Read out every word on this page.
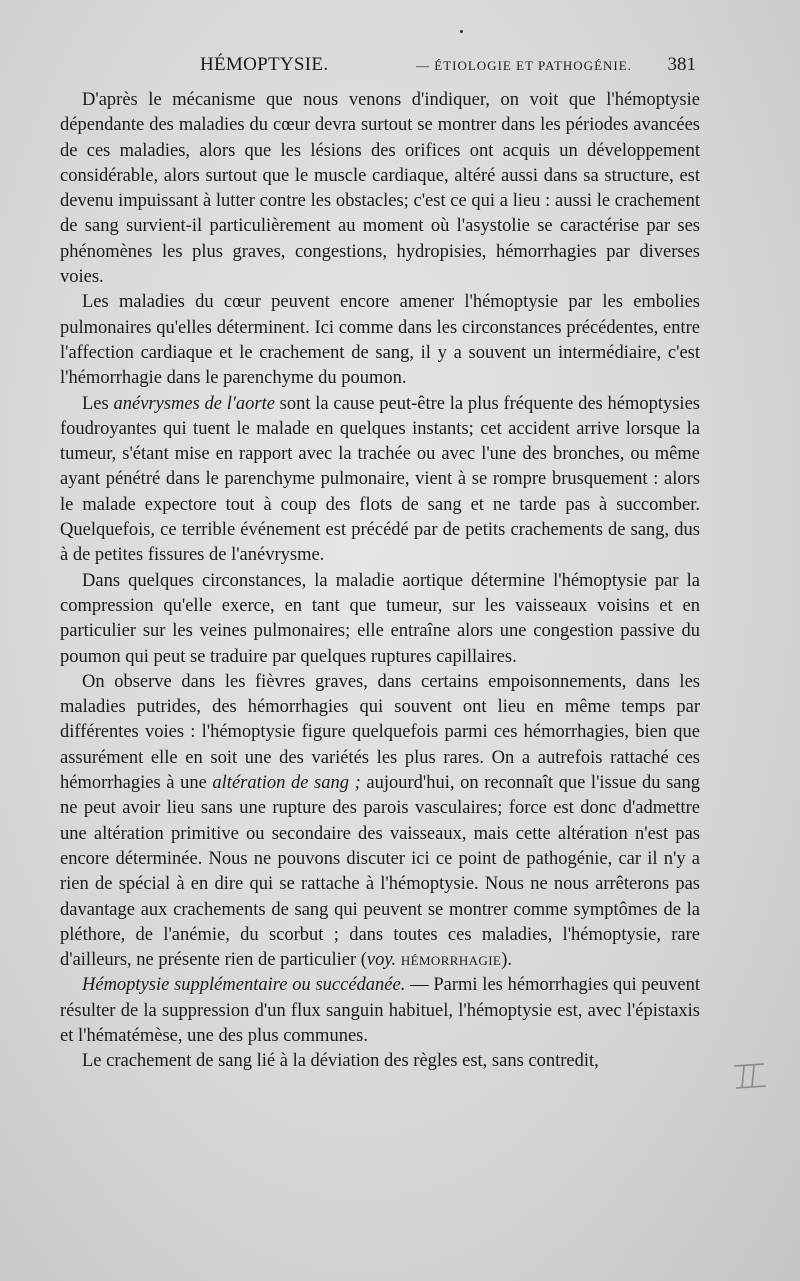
HÉMOPTYSIE.	— ÉTIOLOGIE ET PATHOGÉNIE. 381

D'après le mécanisme que nous venons d'indiquer, on voit que l'hémoptysie dépendante des maladies du cœur devra surtout se montrer dans les périodes avancées de ces maladies, alors que les lésions des orifices ont acquis un développement considérable, alors surtout que le muscle cardiaque, altéré aussi dans sa structure, est devenu impuissant à lutter contre les obstacles; c'est ce qui a lieu : aussi le crachement de sang survient-il particulièrement au moment où l'asystolie se caractérise par ses phénomènes les plus graves, congestions, hydropisies, hémorrhagies par diverses voies.

Les maladies du cœur peuvent encore amener l'hémoptysie par les embolies pulmonaires qu'elles déterminent. Ici comme dans les circonstances précédentes, entre l'affection cardiaque et le crachement de sang, il y a souvent un intermédiaire, c'est l'hémorrhagie dans le parenchyme du poumon.

Les anévrysmes de l'aorte sont la cause peut-être la plus fréquente des hémoptysies foudroyantes qui tuent le malade en quelques instants; cet accident arrive lorsque la tumeur, s'étant mise en rapport avec la trachée ou avec l'une des bronches, ou même ayant pénétré dans le parenchyme pulmonaire, vient à se rompre brusquement : alors le malade expectore tout à coup des flots de sang et ne tarde pas à succomber. Quelquefois, ce terrible événement est précédé par de petits crachements de sang, dus à de petites fissures de l'anévrysme.

Dans quelques circonstances, la maladie aortique détermine l'hémoptysie par la compression qu'elle exerce, en tant que tumeur, sur les vaisseaux voisins et en particulier sur les veines pulmonaires; elle entraîne alors une congestion passive du poumon qui peut se traduire par quelques ruptures capillaires.

On observe dans les fièvres graves, dans certains empoisonnements, dans les maladies putrides, des hémorrhagies qui souvent ont lieu en même temps par différentes voies : l'hémoptysie figure quelquefois parmi ces hémorrhagies, bien que assurément elle en soit une des variétés les plus rares. On a autrefois rattaché ces hémorrhagies à une altération de sang ; aujourd'hui, on reconnaît que l'issue du sang ne peut avoir lieu sans une rupture des parois vasculaires; force est donc d'admettre une altération primitive ou secondaire des vaisseaux, mais cette altération n'est pas encore déterminée. Nous ne pouvons discuter ici ce point de pathogénie, car il n'y a rien de spécial à en dire qui se rattache à l'hémoptysie. Nous ne nous arrêterons pas davantage aux crachements de sang qui peuvent se montrer comme symptômes de la pléthore, de l'anémie, du scorbut ; dans toutes ces maladies, l'hémoptysie, rare d'ailleurs, ne présente rien de particulier (voy. HÉMORRHAGIE).

Hémoptysie supplémentaire ou succédanée. — Parmi les hémorrhagies qui peuvent résulter de la suppression d'un flux sanguin habituel, l'hémoptysie est, avec l'épistaxis et l'hématémèse, une des plus communes.

Le crachement de sang lié à la déviation des règles est, sans contredit,
